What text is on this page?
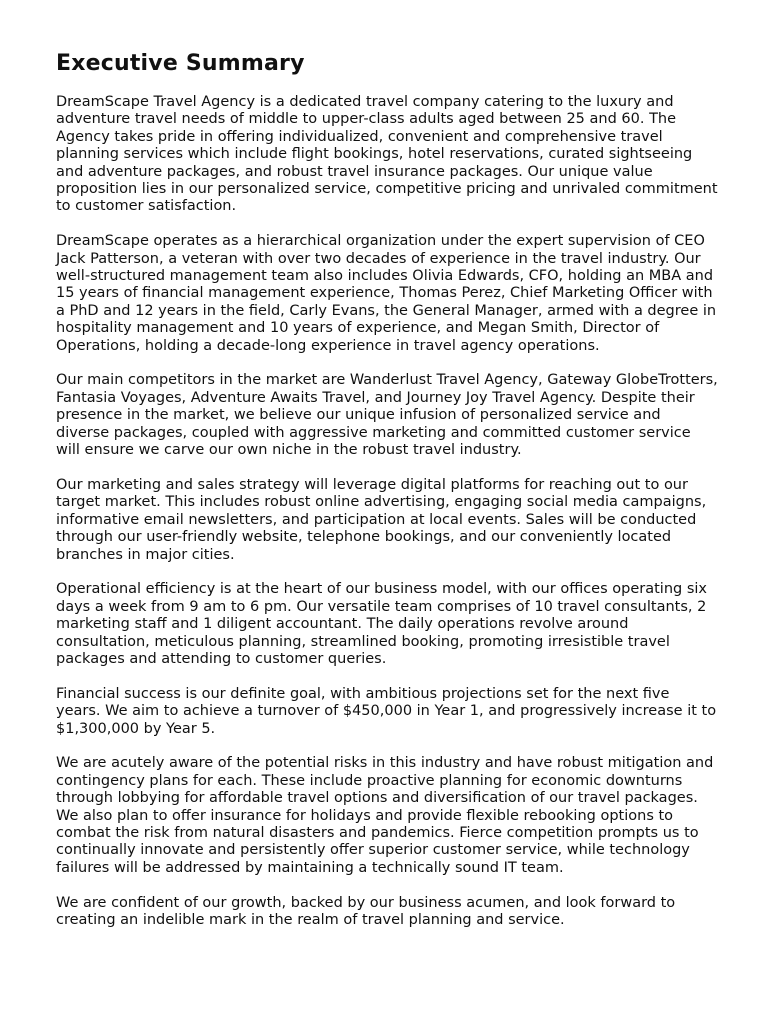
Executive Summary

DreamScape Travel Agency is a dedicated travel company catering to the luxury and adventure travel needs of middle to upper-class adults aged between 25 and 60. The Agency takes pride in offering individualized, convenient and comprehensive travel planning services which include flight bookings, hotel reservations, curated sightseeing and adventure packages, and robust travel insurance packages. Our unique value proposition lies in our personalized service, competitive pricing and unrivaled commitment to customer satisfaction.

DreamScape operates as a hierarchical organization under the expert supervision of CEO Jack Patterson, a veteran with over two decades of experience in the travel industry. Our well-structured management team also includes Olivia Edwards, CFO, holding an MBA and 15 years of financial management experience, Thomas Perez, Chief Marketing Officer with a PhD and 12 years in the field, Carly Evans, the General Manager, armed with a degree in hospitality management and 10 years of experience, and Megan Smith, Director of Operations, holding a decade-long experience in travel agency operations.

Our main competitors in the market are Wanderlust Travel Agency, Gateway GlobeTrotters, Fantasia Voyages, Adventure Awaits Travel, and Journey Joy Travel Agency. Despite their presence in the market, we believe our unique infusion of personalized service and diverse packages, coupled with aggressive marketing and committed customer service will ensure we carve our own niche in the robust travel industry.

Our marketing and sales strategy will leverage digital platforms for reaching out to our target market. This includes robust online advertising, engaging social media campaigns, informative email newsletters, and participation at local events. Sales will be conducted through our user-friendly website, telephone bookings, and our conveniently located branches in major cities.

Operational efficiency is at the heart of our business model, with our offices operating six days a week from 9 am to 6 pm. Our versatile team comprises of 10 travel consultants, 2 marketing staff and 1 diligent accountant. The daily operations revolve around consultation, meticulous planning, streamlined booking, promoting irresistible travel packages and attending to customer queries.

Financial success is our definite goal, with ambitious projections set for the next five years. We aim to achieve a turnover of $450,000 in Year 1, and progressively increase it to $1,300,000 by Year 5.

We are acutely aware of the potential risks in this industry and have robust mitigation and contingency plans for each. These include proactive planning for economic downturns through lobbying for affordable travel options and diversification of our travel packages. We also plan to offer insurance for holidays and provide flexible rebooking options to combat the risk from natural disasters and pandemics. Fierce competition prompts us to continually innovate and persistently offer superior customer service, while technology failures will be addressed by maintaining a technically sound IT team.

We are confident of our growth, backed by our business acumen, and look forward to creating an indelible mark in the realm of travel planning and service.
